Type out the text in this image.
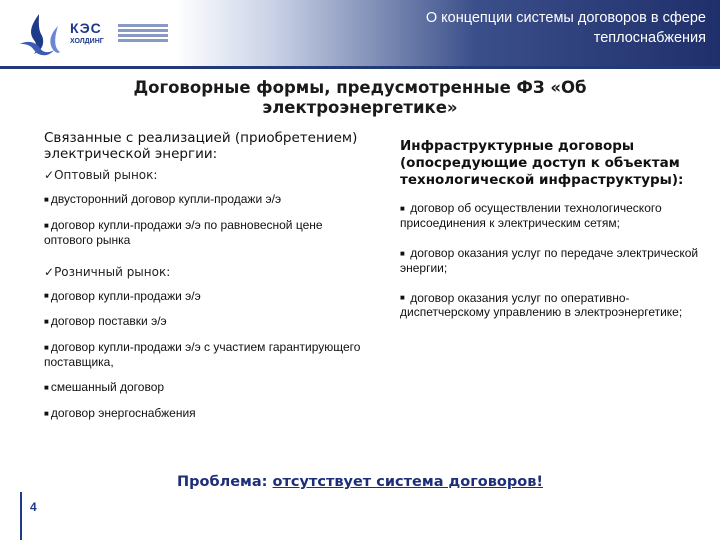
КЭС
ХОЛДИНГ
О концепции системы договоров в сфере
теплоснабжения
Договорные формы, предусмотренные ФЗ «Об
электроэнергетике»
Связанные с реализацией (приобретением) электрической энергии:
✓Оптовый рынок:
■ двусторонний договор купли-продажи э/э
■ договор купли-продажи э/э по равновесной цене оптового рынка
✓Розничный рынок:
■ договор купли-продажи э/э
■ договор поставки э/э
■ договор купли-продажи э/э с участием гарантирующего поставщика,
■ смешанный договор
■ договор энергоснабжения
Инфраструктурные договоры (опосредующие доступ к объектам технологической инфраструктуры):
■ договор об осуществлении технологического присоединения к электрическим сетям;
■ договор оказания услуг по передаче электрической энергии;
■ договор оказания услуг по оперативно-диспетчерскому управлению в электроэнергетике;
Проблема: отсутствует система договоров!
4
